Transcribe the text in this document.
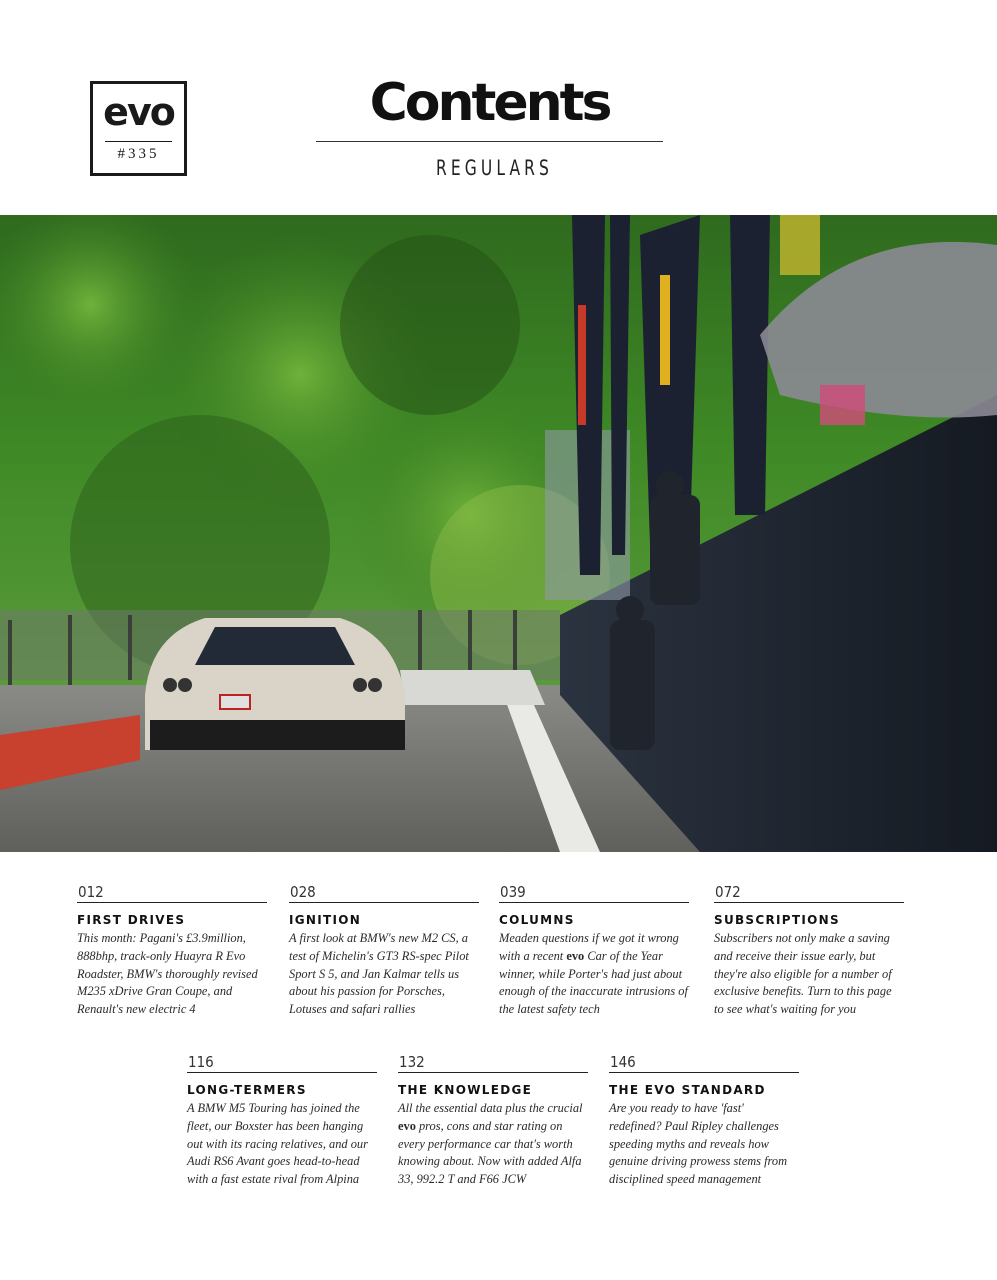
evo
#335
Contents
REGULARS
012
FIRST DRIVES
This month: Pagani's £3.9million, 888bhp, track-only Huayra R Evo Roadster, BMW's thoroughly revised M235 xDrive Gran Coupe, and Renault's new electric 4
028
IGNITION
A first look at BMW's new M2 CS, a test of Michelin's GT3 RS-spec Pilot Sport S 5, and Jan Kalmar tells us about his passion for Porsches, Lotuses and safari rallies
039
COLUMNS
Meaden questions if we got it wrong with a recent evo Car of the Year winner, while Porter's had just about enough of the inaccurate intrusions of the latest safety tech
072
SUBSCRIPTIONS
Subscribers not only make a saving and receive their issue early, but they're also eligible for a number of exclusive benefits. Turn to this page to see what's waiting for you
116
LONG-TERMERS
A BMW M5 Touring has joined the fleet, our Boxster has been hanging out with its racing relatives, and our Audi RS6 Avant goes head-to-head with a fast estate rival from Alpina
132
THE KNOWLEDGE
All the essential data plus the crucial evo pros, cons and star rating on every performance car that's worth knowing about. Now with added Alfa 33, 992.2 T and F66 JCW
146
THE EVO STANDARD
Are you ready to have 'fast' redefined? Paul Ripley challenges speeding myths and reveals how genuine driving prowess stems from disciplined speed management
